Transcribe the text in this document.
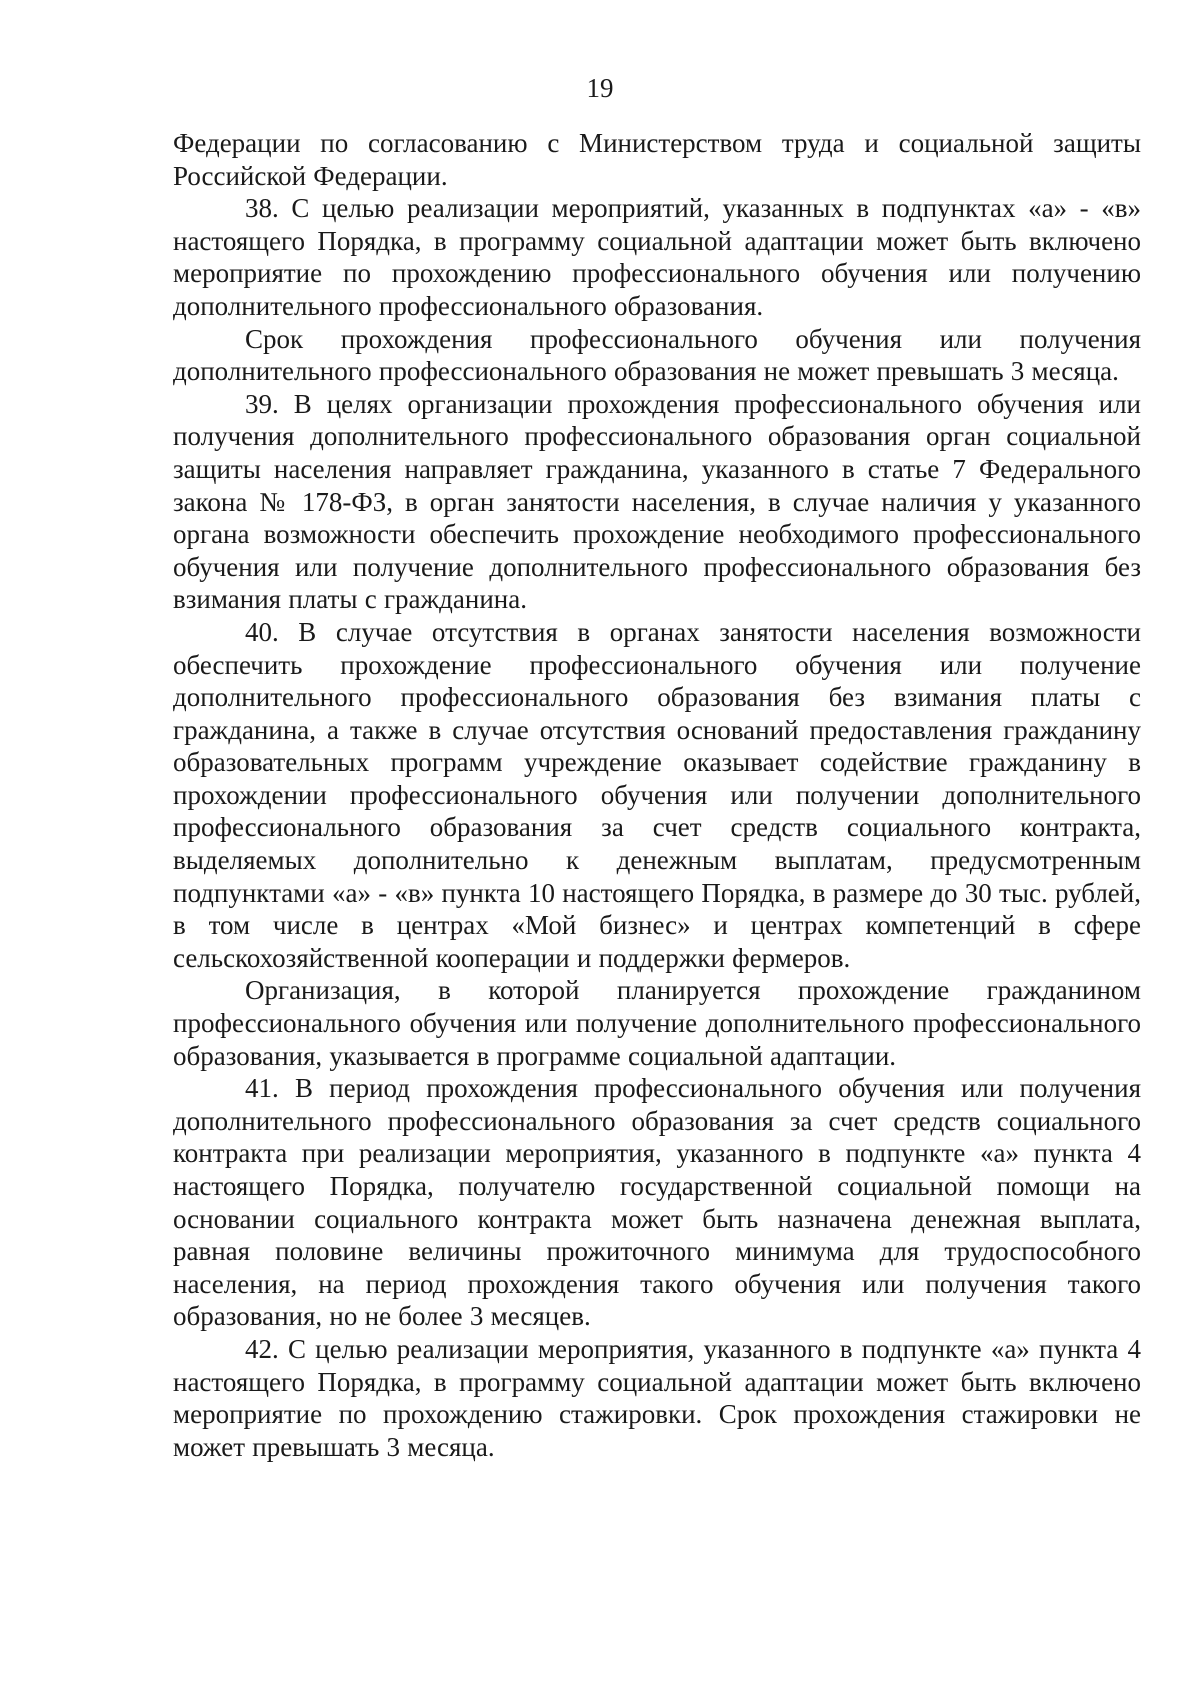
19

Федерации по согласованию с Министерством труда и социальной защиты Российской Федерации.

38. С целью реализации мероприятий, указанных в подпунктах «а» - «в» настоящего Порядка, в программу социальной адаптации может быть включено мероприятие по прохождению профессионального обучения или получению дополнительного профессионального образования.

Срок прохождения профессионального обучения или получения дополнительного профессионального образования не может превышать 3 месяца.

39. В целях организации прохождения профессионального обучения или получения дополнительного профессионального образования орган социальной защиты населения направляет гражданина, указанного в статье 7 Федерального закона № 178-ФЗ, в орган занятости населения, в случае наличия у указанного органа возможности обеспечить прохождение необходимого профессионального обучения или получение дополнительного профессионального образования без взимания платы с гражданина.

40. В случае отсутствия в органах занятости населения возможности обеспечить прохождение профессионального обучения или получение дополнительного профессионального образования без взимания платы с гражданина, а также в случае отсутствия оснований предоставления гражданину образовательных программ учреждение оказывает содействие гражданину в прохождении профессионального обучения или получении дополнительного профессионального образования за счет средств социального контракта, выделяемых дополнительно к денежным выплатам, предусмотренным подпунктами «а» - «в» пункта 10 настоящего Порядка, в размере до 30 тыс. рублей, в том числе в центрах «Мой бизнес» и центрах компетенций в сфере сельскохозяйственной кооперации и поддержки фермеров.

Организация, в которой планируется прохождение гражданином профессионального обучения или получение дополнительного профессионального образования, указывается в программе социальной адаптации.

41. В период прохождения профессионального обучения или получения дополнительного профессионального образования за счет средств социального контракта при реализации мероприятия, указанного в подпункте «а» пункта 4 настоящего Порядка, получателю государственной социальной помощи на основании социального контракта может быть назначена денежная выплата, равная половине величины прожиточного минимума для трудоспособного населения, на период прохождения такого обучения или получения такого образования, но не более 3 месяцев.

42. С целью реализации мероприятия, указанного в подпункте «а» пункта 4 настоящего Порядка, в программу социальной адаптации может быть включено мероприятие по прохождению стажировки. Срок прохождения стажировки не может превышать 3 месяца.
